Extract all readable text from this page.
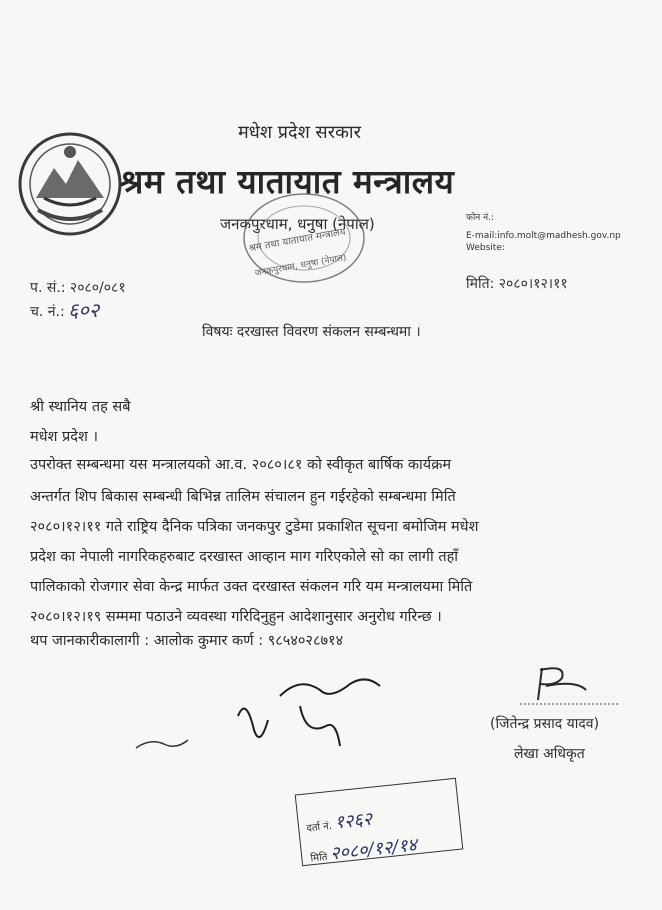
मधेश प्रदेश सरकार
श्रम तथा यातायात मन्त्रालय
जनकपुरधाम, धनुषा (नेपाल)
श्रम तथा यातायात मन्त्रालय
जनकपुरधाम, धनुषा (नेपाल)
फोन नं.:
E-mail:info.molt@madhesh.gov.np
Website:
प. सं.: २०८०/०८१	मिति: २०८०।१२।११
च. नं.: ६०२
विषयः दरखास्त विवरण संकलन सम्बन्धमा ।
श्री स्थानिय तह सबै
मधेश प्रदेश ।
उपरोक्त सम्बन्धमा यस मन्त्रालयको आ.व. २०८०।८१ को स्वीकृत बार्षिक कार्यक्रम
अन्तर्गत शिप बिकास सम्बन्धी बिभिन्न तालिम संचालन हुन गईरहेको सम्बन्धमा मिति
२०८०।१२।११ गते राष्ट्रिय दैनिक पत्रिका जनकपुर टुडेमा प्रकाशित सूचना बमोजिम मधेश
प्रदेश का नेपाली नागरिकहरुबाट दरखास्त आव्हान माग गरिएकोले सो का लागी तहाँ
पालिकाको रोजगार सेवा केन्द्र मार्फत उक्त दरखास्त संकलन गरि यम मन्त्रालयमा मिति
२०८०।१२।१९ सम्ममा पठाउने व्यवस्था गरिदिनुहुन आदेशानुसार अनुरोध गरिन्छ ।
थप जानकारीकालागी : आलोक कुमार कर्ण : ९८५४०२८७१४
(जितेन्द्र प्रसाद यादव)
लेखा अधिकृत
दर्ता नं. १२६२
मिति २०८०/१२/१४
